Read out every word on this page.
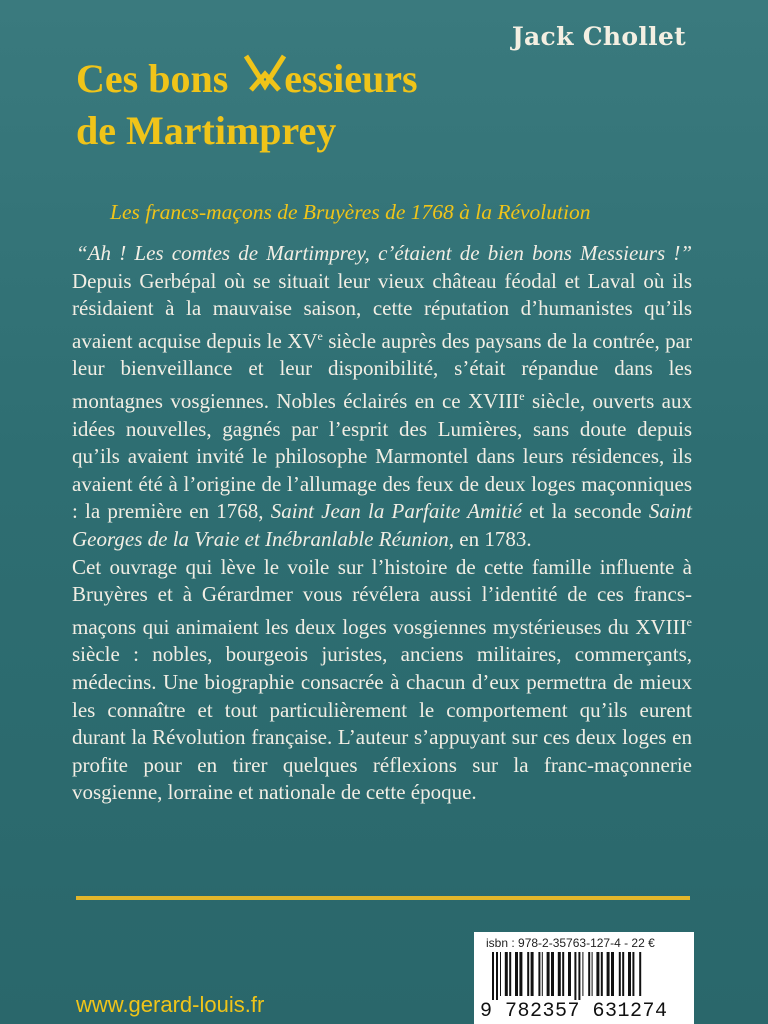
Jack Chollet
Ces bons essieurs
de Martimprey
Les francs-maçons de Bruyères de 1768 à la Révolution

“Ah ! Les comtes de Martimprey, c’étaient de bien bons Messieurs !” Depuis Gerbépal où se situait leur vieux château féodal et Laval où ils résidaient à la mauvaise saison, cette réputation d’humanistes qu’ils avaient acquise depuis le XVe siècle auprès des paysans de la contrée, par leur bienveillance et leur disponibilité, s’était répandue dans les montagnes vosgiennes. Nobles éclairés en ce XVIIIe siècle, ouverts aux idées nouvelles, gagnés par l’esprit des Lumières, sans doute depuis qu’ils avaient invité le philosophe Marmontel dans leurs résidences, ils avaient été à l’origine de l’allumage des feux de deux loges maçonniques : la première en 1768, Saint Jean la Parfaite Amitié et la seconde Saint Georges de la Vraie et Inébranlable Réunion, en 1783.

Cet ouvrage qui lève le voile sur l’histoire de cette famille influente à Bruyères et à Gérardmer vous révélera aussi l’identité de ces francs-maçons qui animaient les deux loges vosgiennes mystérieuses du XVIIIe siècle : nobles, bourgeois juristes, anciens militaires, commerçants, médecins. Une biographie consacrée à chacun d’eux permettra de mieux les connaître et tout particulièrement le comportement qu’ils eurent durant la Révolution française. L’auteur s’appuyant sur ces deux loges en profite pour en tirer quelques réflexions sur la franc-maçonnerie vosgienne, lorraine et nationale de cette époque.

isbn : 978-2-35763-127-4 - 22 €
9 782357 631274
www.gerard-louis.fr
